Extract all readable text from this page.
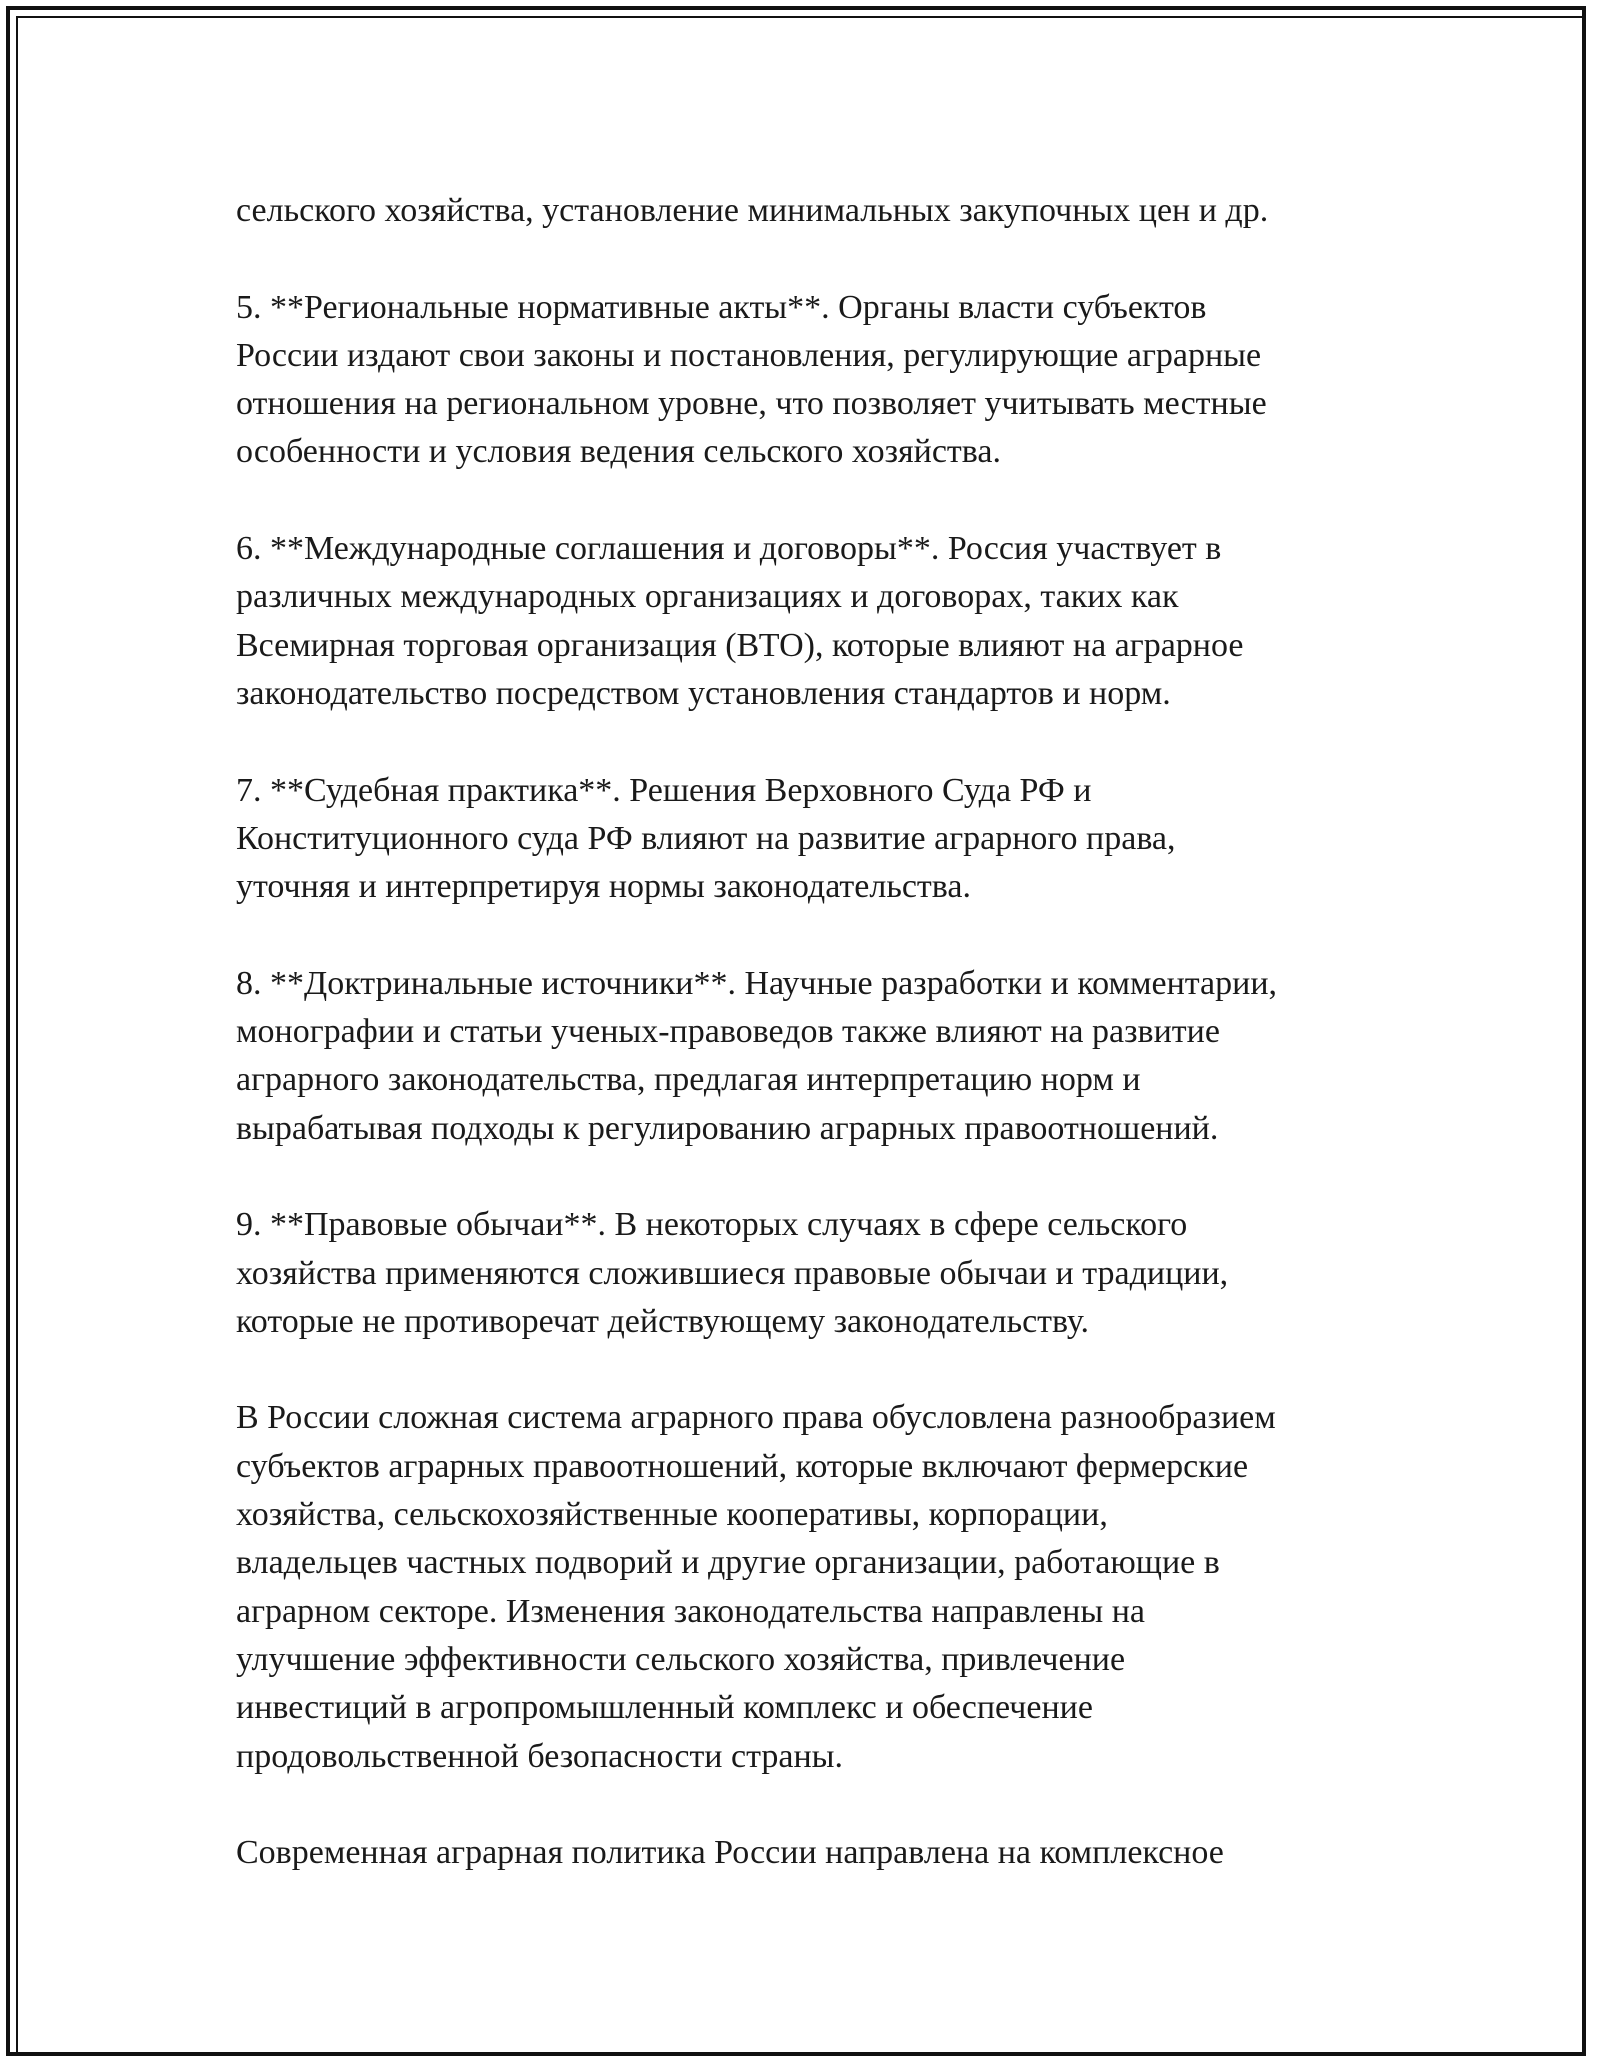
сельского хозяйства, установление минимальных закупочных цен и др.

5. **Региональные нормативные акты**. Органы власти субъектов
России издают свои законы и постановления, регулирующие аграрные
отношения на региональном уровне, что позволяет учитывать местные
особенности и условия ведения сельского хозяйства.

6. **Международные соглашения и договоры**. Россия участвует в
различных международных организациях и договорах, таких как
Всемирная торговая организация (ВТО), которые влияют на аграрное
законодательство посредством установления стандартов и норм.

7. **Судебная практика**. Решения Верховного Суда РФ и
Конституционного суда РФ влияют на развитие аграрного права,
уточняя и интерпретируя нормы законодательства.

8. **Доктринальные источники**. Научные разработки и комментарии,
монографии и статьи ученых-правоведов также влияют на развитие
аграрного законодательства, предлагая интерпретацию норм и
вырабатывая подходы к регулированию аграрных правоотношений.

9. **Правовые обычаи**. В некоторых случаях в сфере сельского
хозяйства применяются сложившиеся правовые обычаи и традиции,
которые не противоречат действующему законодательству.

В России сложная система аграрного права обусловлена разнообразием
субъектов аграрных правоотношений, которые включают фермерские
хозяйства, сельскохозяйственные кооперативы, корпорации,
владельцев частных подворий и другие организации, работающие в
аграрном секторе. Изменения законодательства направлены на
улучшение эффективности сельского хозяйства, привлечение
инвестиций в агропромышленный комплекс и обеспечение
продовольственной безопасности страны.

Современная аграрная политика России направлена на комплексное
